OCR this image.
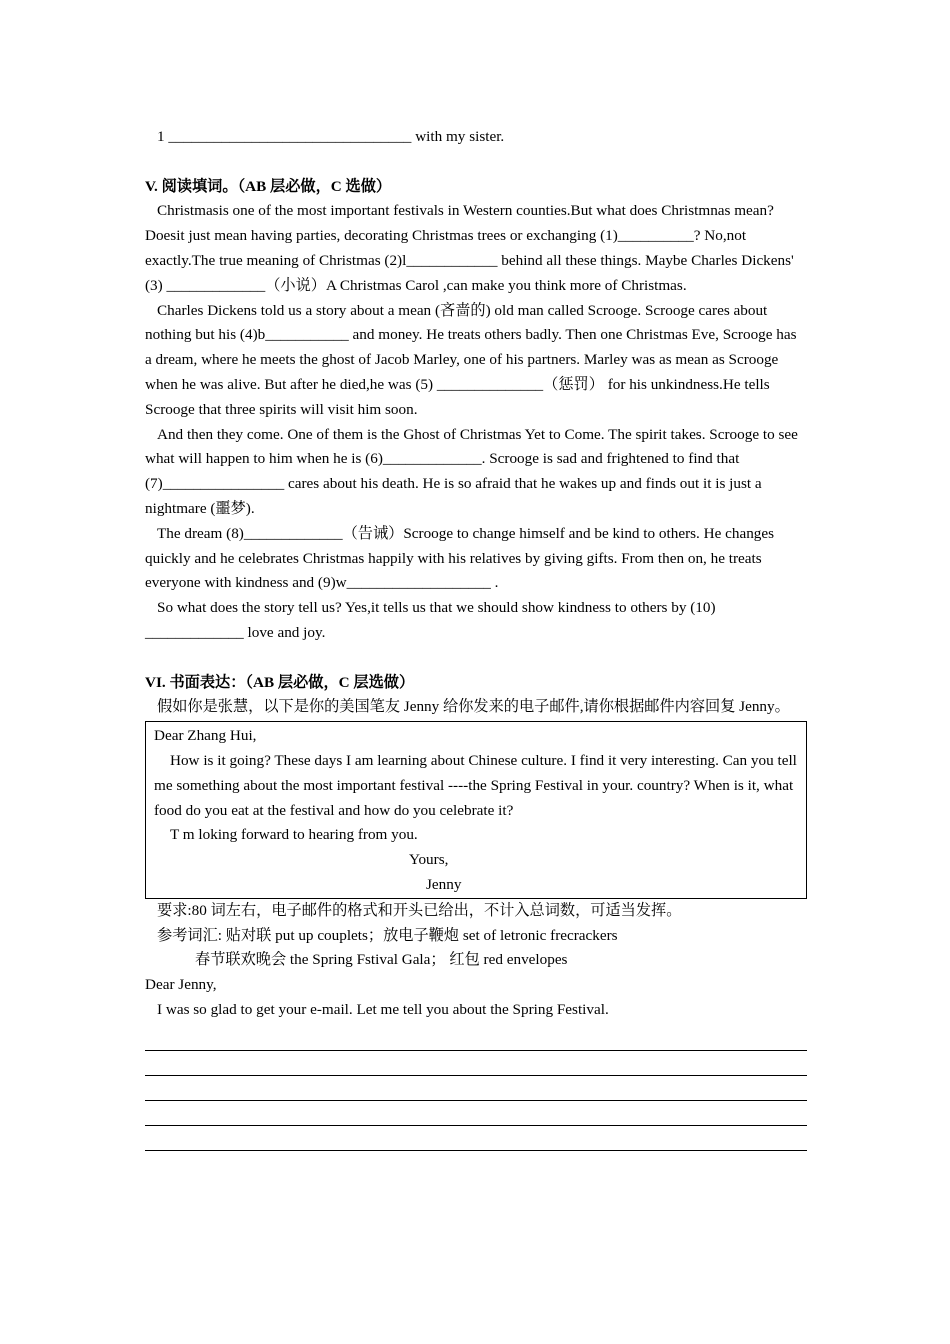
1 ________________________________ with my sister.

V. 阅读填词。（AB 层必做，C 选做）

Christmasis one of the most important festivals in Western counties.But what does Christmnas mean? Doesit just mean having parties, decorating Christmas trees or exchanging (1)__________? No,not exactly.The true meaning of Christmas (2)l____________ behind all these things. Maybe Charles Dickens' (3) _____________（小说）A Christmas Carol ,can make you think more of Christmas.

Charles Dickens told us a story about a mean (吝啬的) old man called Scrooge. Scrooge cares about nothing but his (4)b___________ and money. He treats others badly. Then one Christmas Eve, Scrooge has a dream, where he meets the ghost of Jacob Marley, one of his partners. Marley was as mean as Scrooge when he was alive. But after he died,he was (5) ______________（惩罚） for his unkindness.He tells Scrooge that three spirits will visit him soon.

And then they come. One of them is the Ghost of Christmas Yet to Come. The spirit takes. Scrooge to see what will happen to him when he is (6)_____________. Scrooge is sad and frightened to find that (7)________________ cares about his death. He is so afraid that he wakes up and finds out it is just a nightmare (噩梦).

The dream (8)_____________（告诫）Scrooge to change himself and be kind to others. He changes quickly and he celebrates Christmas happily with his relatives by giving gifts. From then on, he treats everyone with kindness and (9)w___________________ .

So what does the story tell us? Yes,it tells us that we should show kindness to others by (10) _____________ love and joy.

VI. 书面表达：（AB 层必做，C 层选做）

假如你是张慧，以下是你的美国笔友 Jenny 给你发来的电子邮件,请你根据邮件内容回复 Jenny。

Dear Zhang Hui,

How is it going? These days I am learning about Chinese culture. I find it very interesting. Can you tell me something about the most important festival ----the Spring Festival in your. country? When is it, what food do you eat at the festival and how do you celebrate it?

T m loking forward to hearing from you.

Yours,

Jenny

要求:80 词左右，电子邮件的格式和开头已给出，不计入总词数，可适当发挥。

参考词汇: 贴对联 put up couplets；放电子鞭炮 set of letronic frecrackers

春节联欢晚会 the Spring Fstival Gala； 红包 red envelopes

Dear Jenny,

I was so glad to get your e-mail. Let me tell you about the Spring Festival.
